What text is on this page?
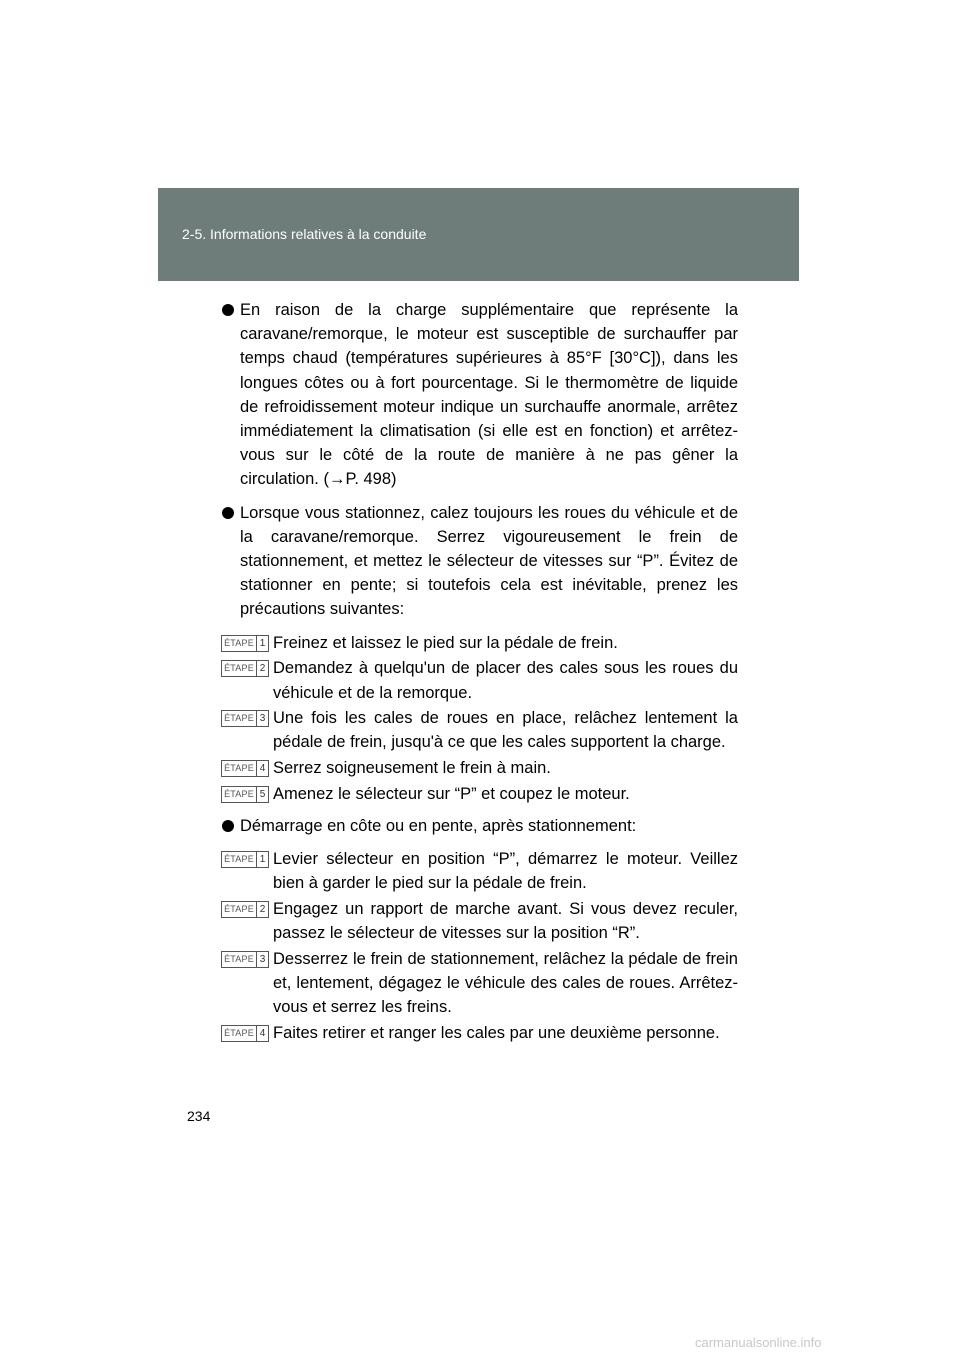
2-5. Informations relatives à la conduite
En raison de la charge supplémentaire que représente la caravane/remorque, le moteur est susceptible de surchauffer par temps chaud (températures supérieures à 85°F [30°C]), dans les longues côtes ou à fort pourcentage. Si le thermomètre de liquide de refroidissement moteur indique un surchauffe anormale, arrêtez immédiatement la climatisation (si elle est en fonction) et arrêtez-vous sur le côté de la route de manière à ne pas gêner la circulation. (→P. 498)
Lorsque vous stationnez, calez toujours les roues du véhicule et de la caravane/remorque. Serrez vigoureusement le frein de stationnement, et mettez le sélecteur de vitesses sur “P”. Évitez de stationner en pente; si toutefois cela est inévitable, prenez les précautions suivantes:
ÉTAPE 1 Freinez et laissez le pied sur la pédale de frein.
ÉTAPE 2 Demandez à quelqu'un de placer des cales sous les roues du véhicule et de la remorque.
ÉTAPE 3 Une fois les cales de roues en place, relâchez lentement la pédale de frein, jusqu'à ce que les cales supportent la charge.
ÉTAPE 4 Serrez soigneusement le frein à main.
ÉTAPE 5 Amenez le sélecteur sur “P” et coupez le moteur.
Démarrage en côte ou en pente, après stationnement:
ÉTAPE 1 Levier sélecteur en position “P”, démarrez le moteur. Veillez bien à garder le pied sur la pédale de frein.
ÉTAPE 2 Engagez un rapport de marche avant. Si vous devez reculer, passez le sélecteur de vitesses sur la position “R”.
ÉTAPE 3 Desserrez le frein de stationnement, relâchez la pédale de frein et, lentement, dégagez le véhicule des cales de roues. Arrêtez-vous et serrez les freins.
ÉTAPE 4 Faites retirer et ranger les cales par une deuxième personne.
234
carmanualsonline.info
